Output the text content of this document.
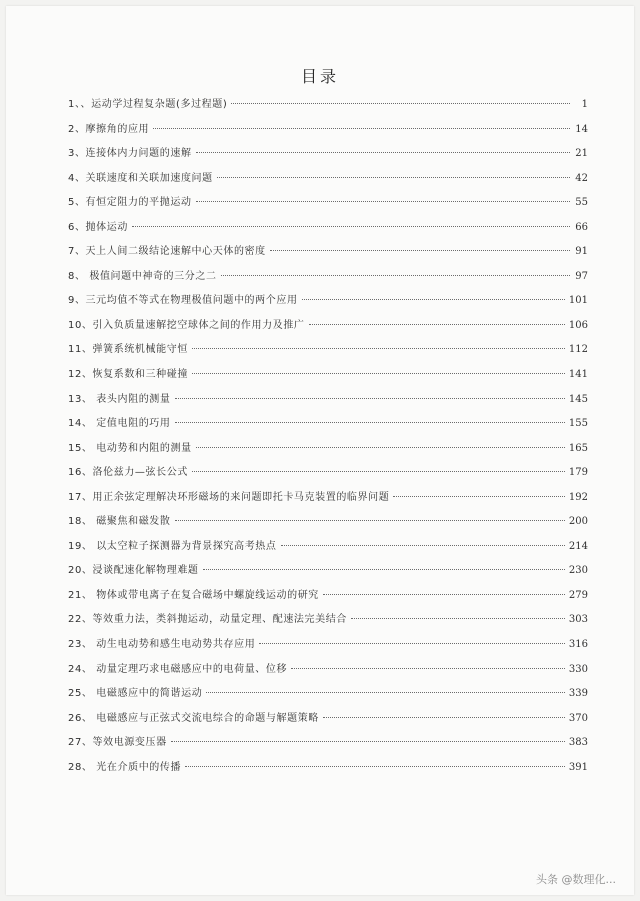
目录
1、、运动学过程复杂题(多过程题)	1
2、摩擦角的应用	14
3、连接体内力问题的速解	21
4、关联速度和关联加速度问题	42
5、有恒定阻力的平抛运动	55
6、抛体运动	66
7、天上人间二级结论速解中心天体的密度	91
8、 极值问题中神奇的三分之二	97
9、三元均值不等式在物理极值问题中的两个应用	101
10、引入负质量速解挖空球体之间的作用力及推广	106
11、弹簧系统机械能守恒	112
12、恢复系数和三种碰撞	141
13、 表头内阻的测量	145
14、 定值电阻的巧用	155
15、 电动势和内阻的测量	165
16、洛伦兹力—弦长公式	179
17、用正余弦定理解决环形磁场的来问题即托卡马克装置的临界问题	192
18、 磁聚焦和磁发散	200
19、 以太空粒子探测器为背景探究高考热点	214
20、浸谈配速化解物理难题	230
21、 物体或带电离子在复合磁场中螺旋线运动的研究	279
22、等效重力法，类斜抛运动，动量定理、配速法完美结合	303
23、 动生电动势和感生电动势共存应用	316
24、 动量定理巧求电磁感应中的电荷量、位移	330
25、 电磁感应中的简谐运动	339
26、 电磁感应与正弦式交流电综合的命题与解题策略	370
27、等效电源变压器	383
28、 光在介质中的传播	391
头条 @数理化...
